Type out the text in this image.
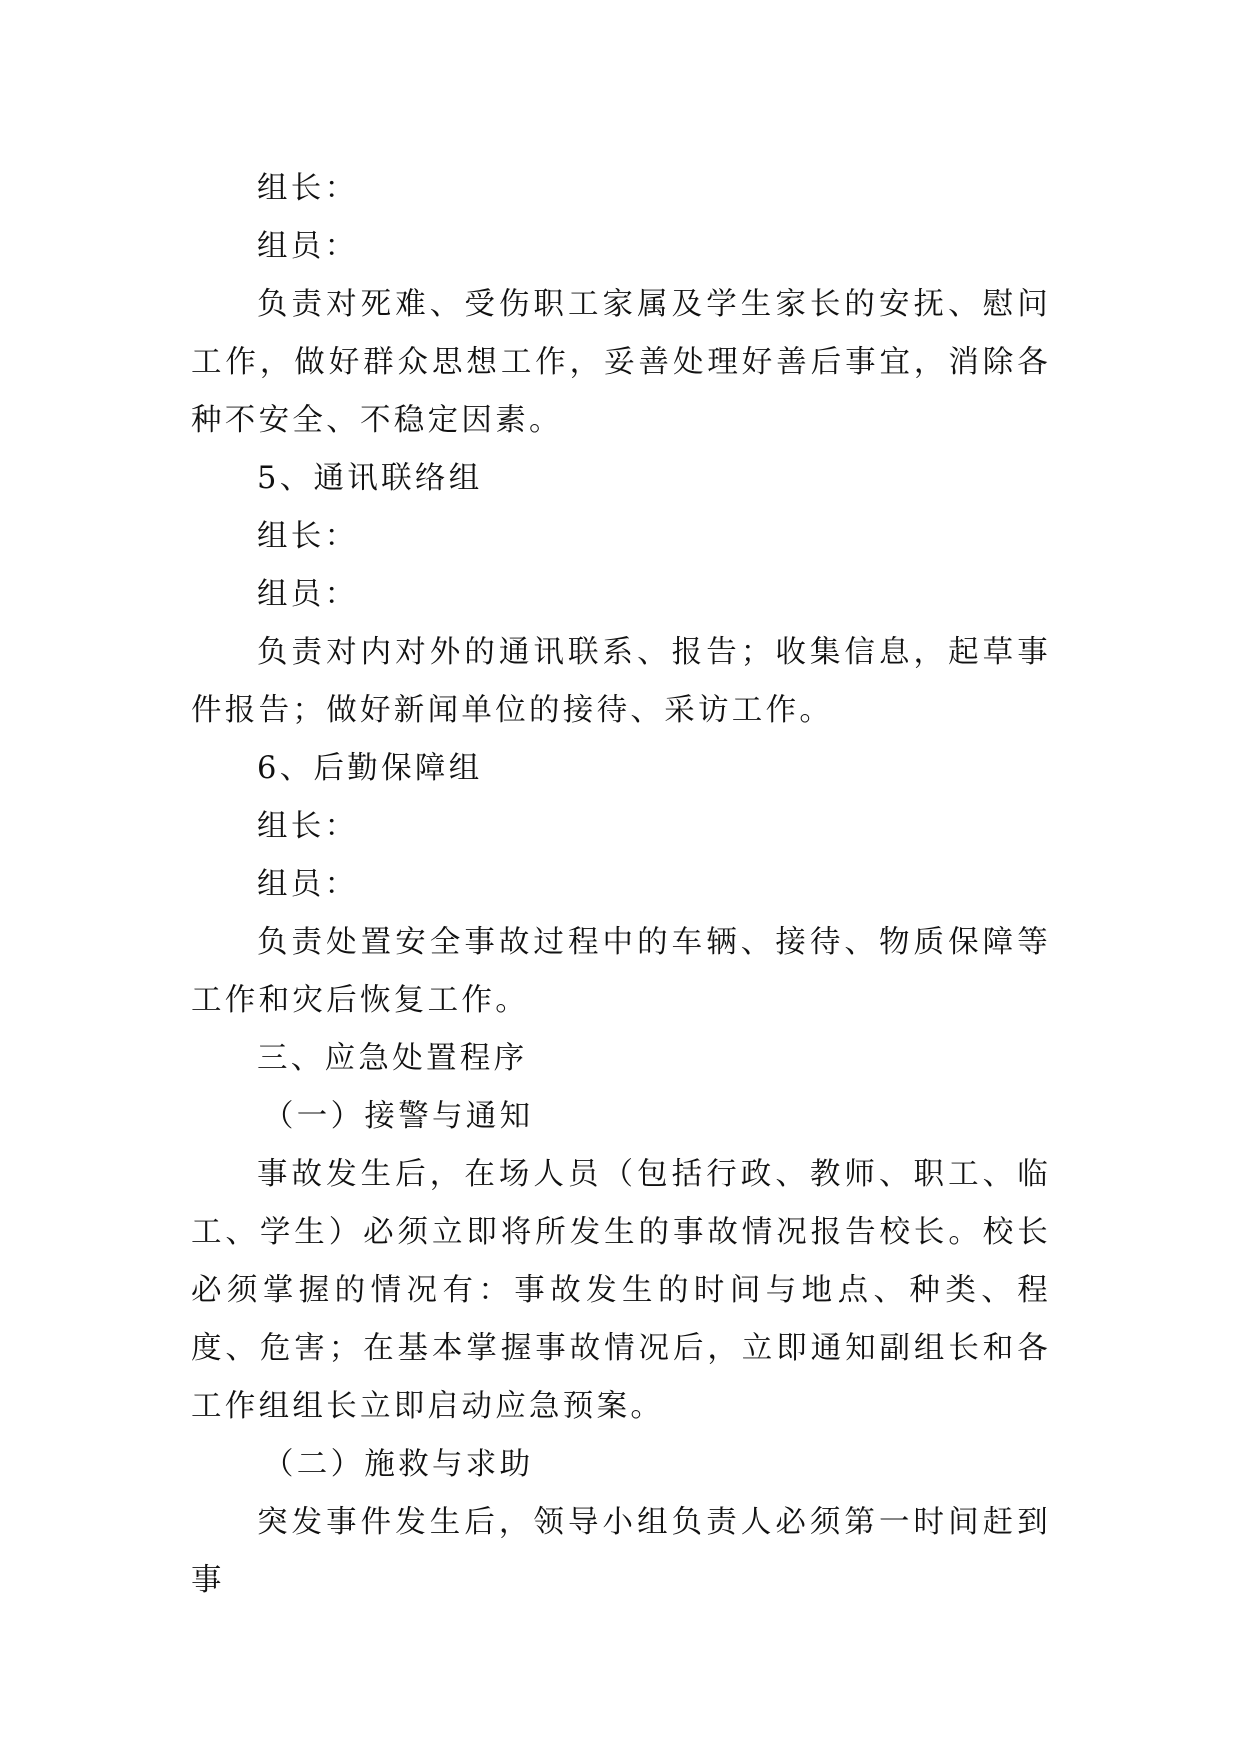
组长：

组员：

负责对死难、受伤职工家属及学生家长的安抚、慰问工作，做好群众思想工作，妥善处理好善后事宜，消除各种不安全、不稳定因素。

5、通讯联络组

组长：

组员：

负责对内对外的通讯联系、报告；收集信息，起草事件报告；做好新闻单位的接待、采访工作。

6、后勤保障组

组长：

组员：

负责处置安全事故过程中的车辆、接待、物质保障等工作和灾后恢复工作。

三、应急处置程序

（一）接警与通知

事故发生后，在场人员（包括行政、教师、职工、临工、学生）必须立即将所发生的事故情况报告校长。校长必须掌握的情况有：事故发生的时间与地点、种类、程度、危害；在基本掌握事故情况后，立即通知副组长和各工作组组长立即启动应急预案。

（二）施救与求助

突发事件发生后，领导小组负责人必须第一时间赶到事
